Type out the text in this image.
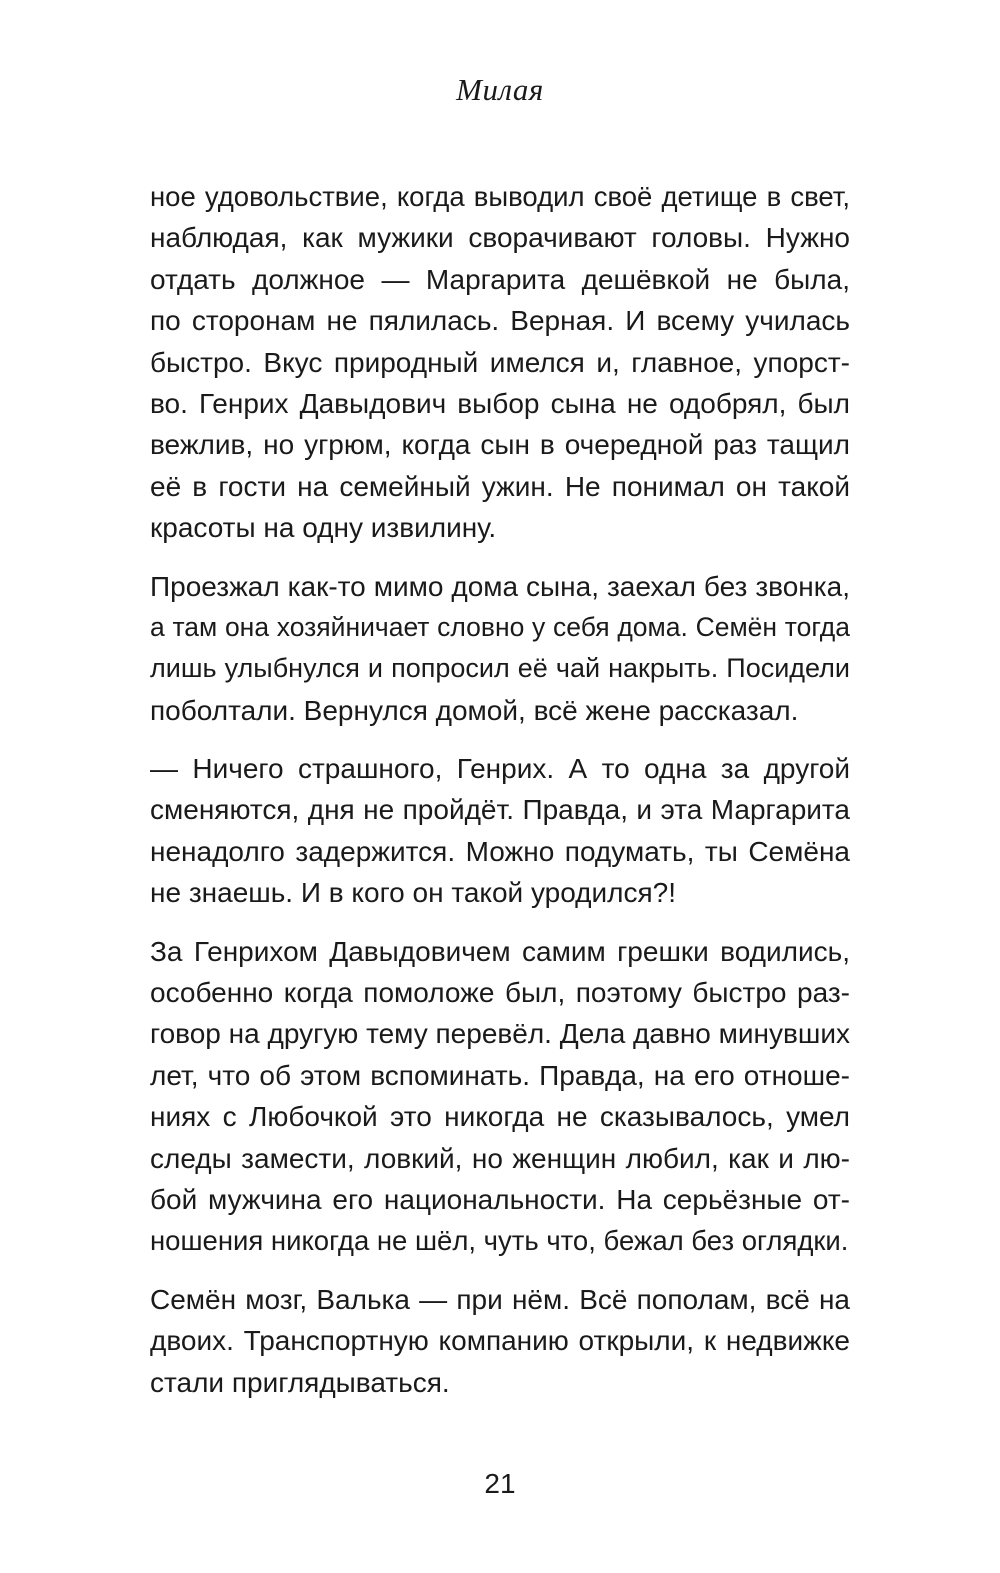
Милая
ное удовольствие, когда выводил своё детище в свет,
наблюдая, как мужики сворачивают головы. Нужно
отдать должное — Маргарита дешёвкой не была,
по сторонам не пялилась. Верная. И всему училась
быстро. Вкус природный имелся и, главное, упорст-
во. Генрих Давыдович выбор сына не одобрял, был
вежлив, но угрюм, когда сын в очередной раз тащил
её в гости на семейный ужин. Не понимал он такой
красоты на одну извилину.
Проезжал как-то мимо дома сына, заехал без звонка,
а там она хозяйничает словно у себя дома. Семён тогда
лишь улыбнулся и попросил её чай накрыть. Посидели
поболтали. Вернулся домой, всё жене рассказал.
— Ничего страшного, Генрих. А то одна за другой
сменяются, дня не пройдёт. Правда, и эта Маргарита
ненадолго задержится. Можно подумать, ты Семёна
не знаешь. И в кого он такой уродился?!
За Генрихом Давыдовичем самим грешки водились,
особенно когда помоложе был, поэтому быстро раз-
говор на другую тему перевёл. Дела давно минувших
лет, что об этом вспоминать. Правда, на его отноше-
ниях с Любочкой это никогда не сказывалось, умел
следы замести, ловкий, но женщин любил, как и лю-
бой мужчина его национальности. На серьёзные от-
ношения никогда не шёл, чуть что, бежал без оглядки.
Семён мозг, Валька — при нём. Всё пополам, всё на
двоих. Транспортную компанию открыли, к недвижке
стали приглядываться.
21
